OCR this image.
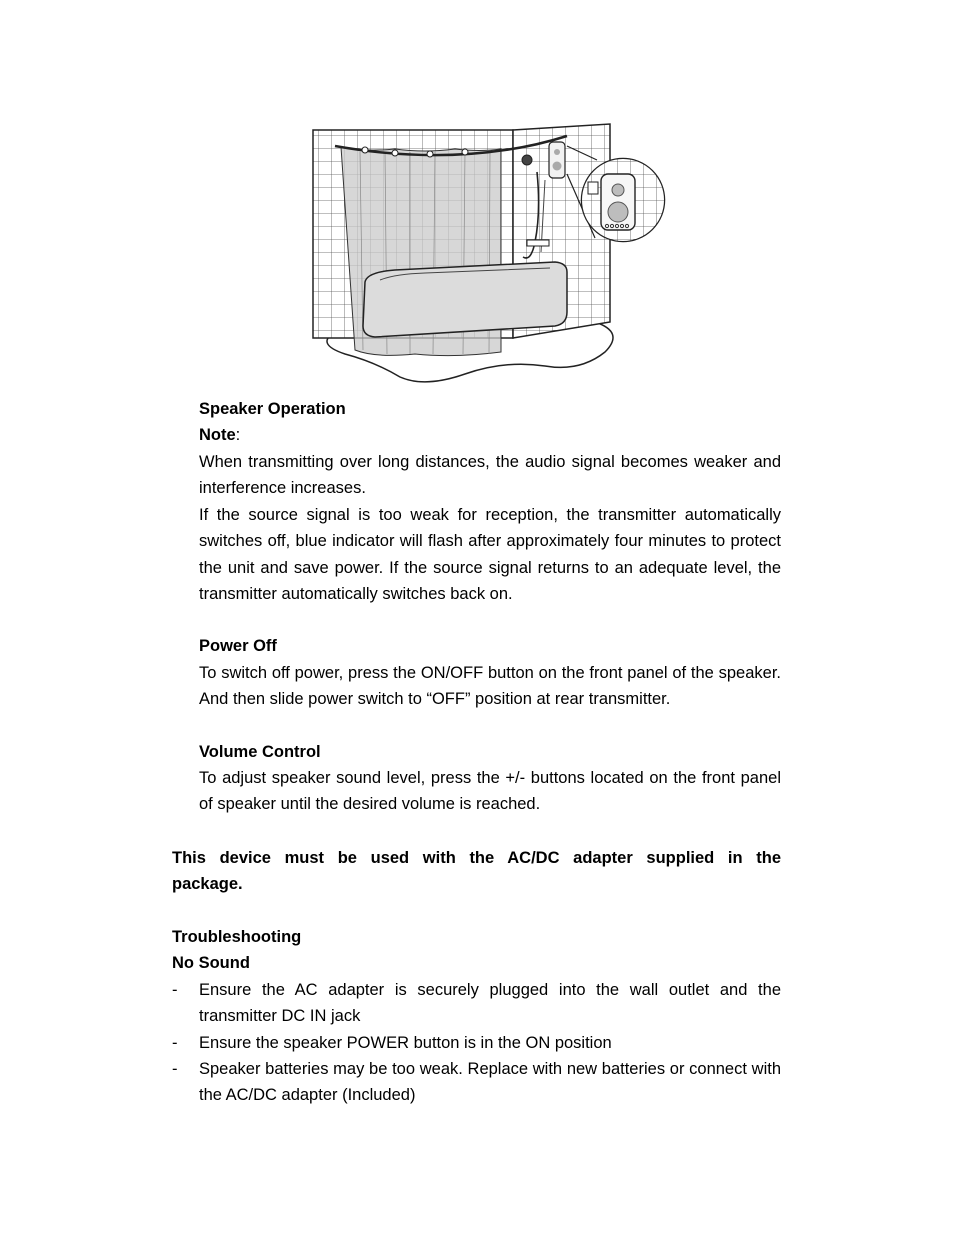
Speaker Operation
Note:
When transmitting over long distances, the audio signal becomes weaker and interference increases.
If the source signal is too weak for reception, the transmitter automatically switches off, blue indicator will flash after approximately four minutes to protect the unit and save power. If the source signal returns to an adequate level, the transmitter automatically switches back on.
Power Off
To switch off power, press the ON/OFF button on the front panel of the speaker.    And then slide power switch to “OFF” position at rear transmitter.
Volume Control
To adjust speaker sound level, press the +/- buttons located on the front panel of speaker until the desired volume is reached.
This device must be used with the AC/DC adapter supplied in the package.
Troubleshooting
No Sound
-	Ensure the AC adapter is securely plugged into the wall outlet and the transmitter DC IN jack
-	Ensure the speaker POWER button is in the ON position
-	Speaker batteries may be too weak. Replace with new batteries or connect with the AC/DC adapter (Included)
